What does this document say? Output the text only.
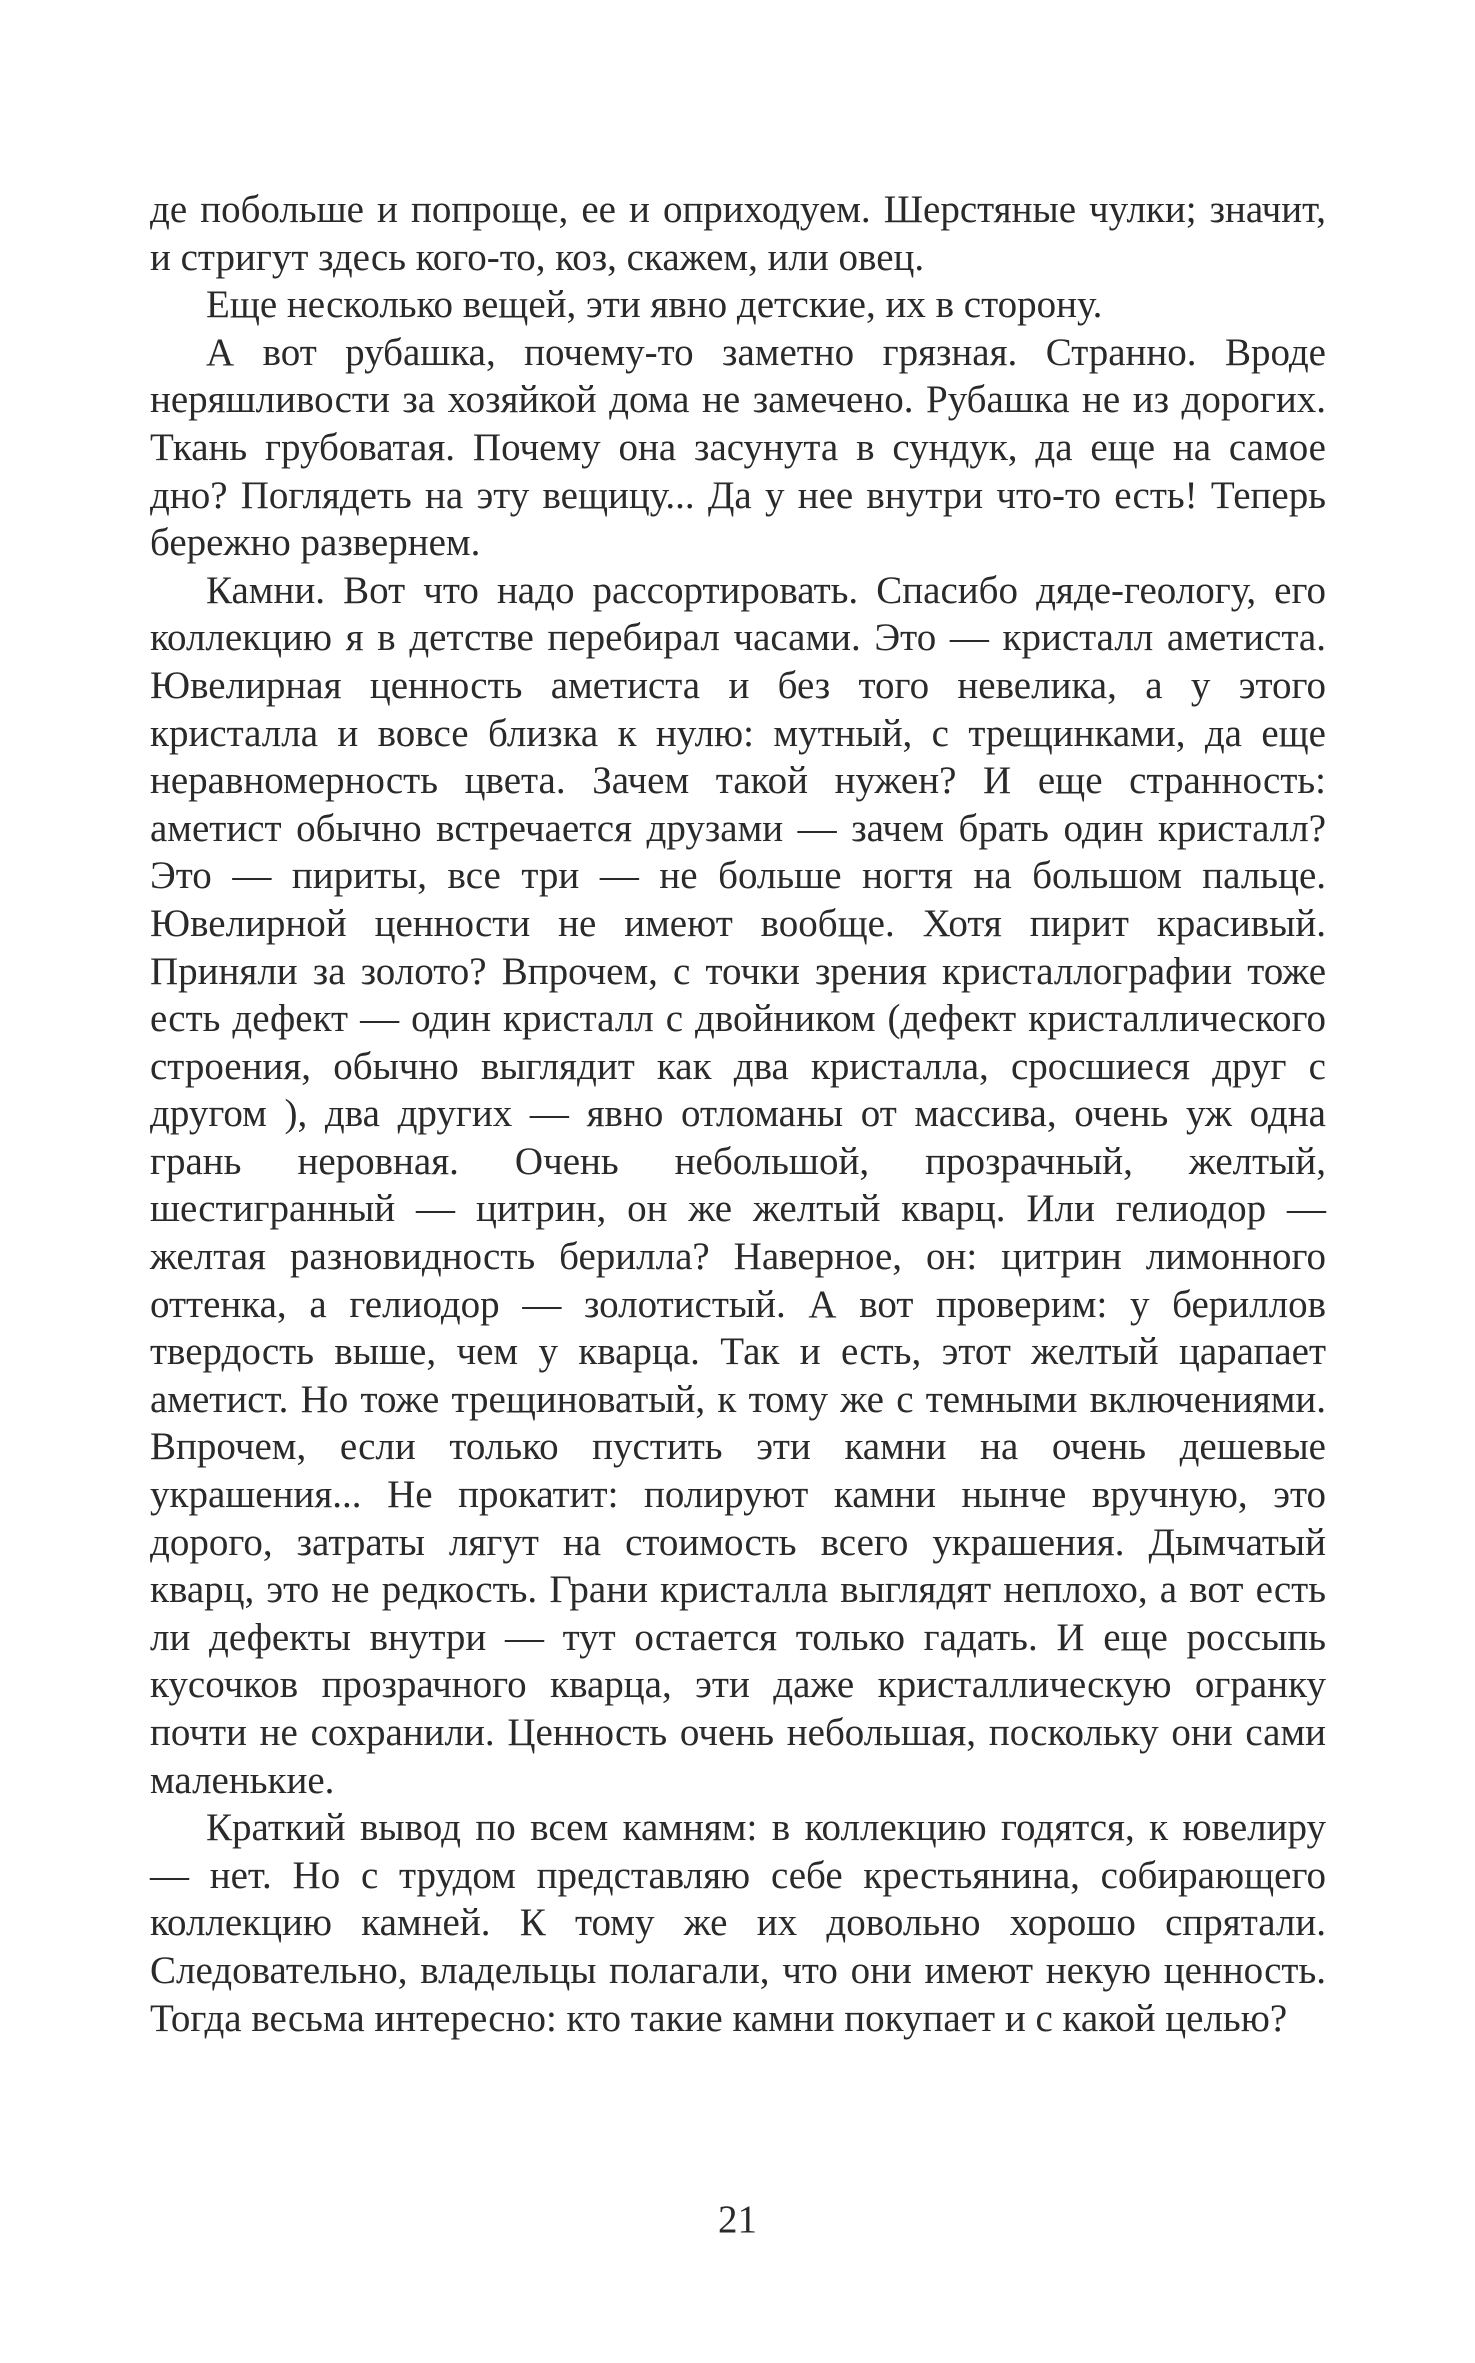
де побольше и попроще, ее и оприходуем. Шерстяные чулки; значит, и стригут здесь кого-то, коз, скажем, или овец.

Еще несколько вещей, эти явно детские, их в сторону.

А вот рубашка, почему-то заметно грязная. Странно. Вроде неряшливости за хозяйкой дома не замечено. Рубашка не из дорогих. Ткань грубоватая. Почему она засунута в сундук, да еще на самое дно? Поглядеть на эту вещицу... Да у нее внутри что-то есть! Теперь бережно развернем.

Камни. Вот что надо рассортировать. Спасибо дяде-геологу, его коллекцию я в детстве перебирал часами. Это — кристалл аметиста. Ювелирная ценность аметиста и без того невелика, а у этого кристалла и вовсе близка к нулю: мутный, с трещинками, да еще неравномерность цвета. Зачем такой нужен? И еще странность: аметист обычно встречается друзами — зачем брать один кристалл? Это — пириты, все три — не больше ногтя на большом пальце. Ювелирной ценности не имеют вообще. Хотя пирит красивый. Приняли за золото? Впрочем, с точки зрения кристаллографии тоже есть дефект — один кристалл с двойником (дефект кристаллического строения, обычно выглядит как два кристалла, сросшиеся друг с другом ), два других — явно отломаны от массива, очень уж одна грань неровная. Очень небольшой, прозрачный, желтый, шестигранный — цитрин, он же желтый кварц. Или гелиодор — желтая разновидность берилла? Наверное, он: цитрин лимонного оттенка, а гелиодор — золотистый. А вот проверим: у бериллов твердость выше, чем у кварца. Так и есть, этот желтый царапает аметист. Но тоже трещиноватый, к тому же с темными включениями. Впрочем, если только пустить эти камни на очень дешевые украшения... Не прокатит: полируют камни нынче вручную, это дорого, затраты лягут на стоимость всего украшения. Дымчатый кварц, это не редкость. Грани кристалла выглядят неплохо, а вот есть ли дефекты внутри — тут остается только гадать. И еще россыпь кусочков прозрачного кварца, эти даже кристаллическую огранку почти не сохранили. Ценность очень небольшая, поскольку они сами маленькие.

Краткий вывод по всем камням: в коллекцию годятся, к ювелиру — нет. Но с трудом представляю себе крестьянина, собирающего коллекцию камней. К тому же их довольно хорошо спрятали. Следовательно, владельцы полагали, что они имеют некую ценность. Тогда весьма интересно: кто такие камни покупает и с какой целью?

21
